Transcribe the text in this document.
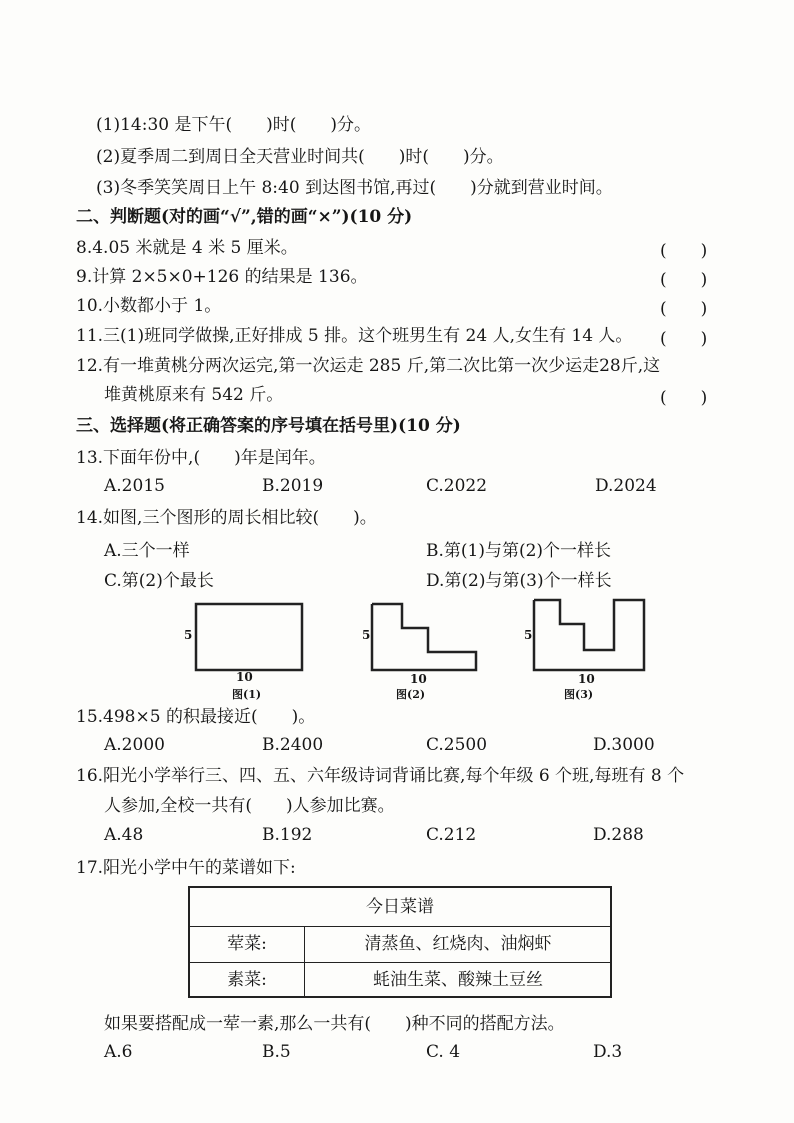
(1)14:30 是下午(　　)时(　　)分。
(2)夏季周二到周日全天营业时间共(　　)时(　　)分。
(3)冬季笑笑周日上午 8:40 到达图书馆,再过(　　)分就到营业时间。
二、判断题(对的画“√”,错的画“×”)(10 分)
8.4.05 米就是 4 米 5 厘米。	(　　)
9.计算 2×5×0+126 的结果是 136。	(　　)
10.小数都小于 1。	(　　)
11.三(1)班同学做操,正好排成 5 排。这个班男生有 24 人,女生有 14 人。 (　　)
12.有一堆黄桃分两次运完,第一次运走 285 斤,第二次比第一次少运走28斤,这
堆黄桃原来有 542 斤。	(　　)
三、选择题(将正确答案的序号填在括号里)(10 分)
13.下面年份中,(　　)年是闰年。
A.2015	B.2019	C.2022	D.2024
14.如图,三个图形的周长相比较(　　)。
A.三个一样	B.第(1)与第(2)个一样长
C.第(2)个最长	D.第(2)与第(3)个一样长
5
10
图(1)
5
10
图(2)
5
10
图(3)
15.498×5 的积最接近(　　)。
A.2000	B.2400	C.2500	D.3000
16.阳光小学举行三、四、五、六年级诗词背诵比赛,每个年级 6 个班,每班有 8 个
人参加,全校一共有(　　)人参加比赛。
A.48	B.192	C.212	D.288
17.阳光小学中午的菜谱如下:
今日菜谱
荤菜:	清蒸鱼、红烧肉、油焖虾
素菜:	蚝油生菜、酸辣土豆丝
如果要搭配成一荤一素,那么一共有(　　)种不同的搭配方法。
A.6	B.5	C. 4	D.3
